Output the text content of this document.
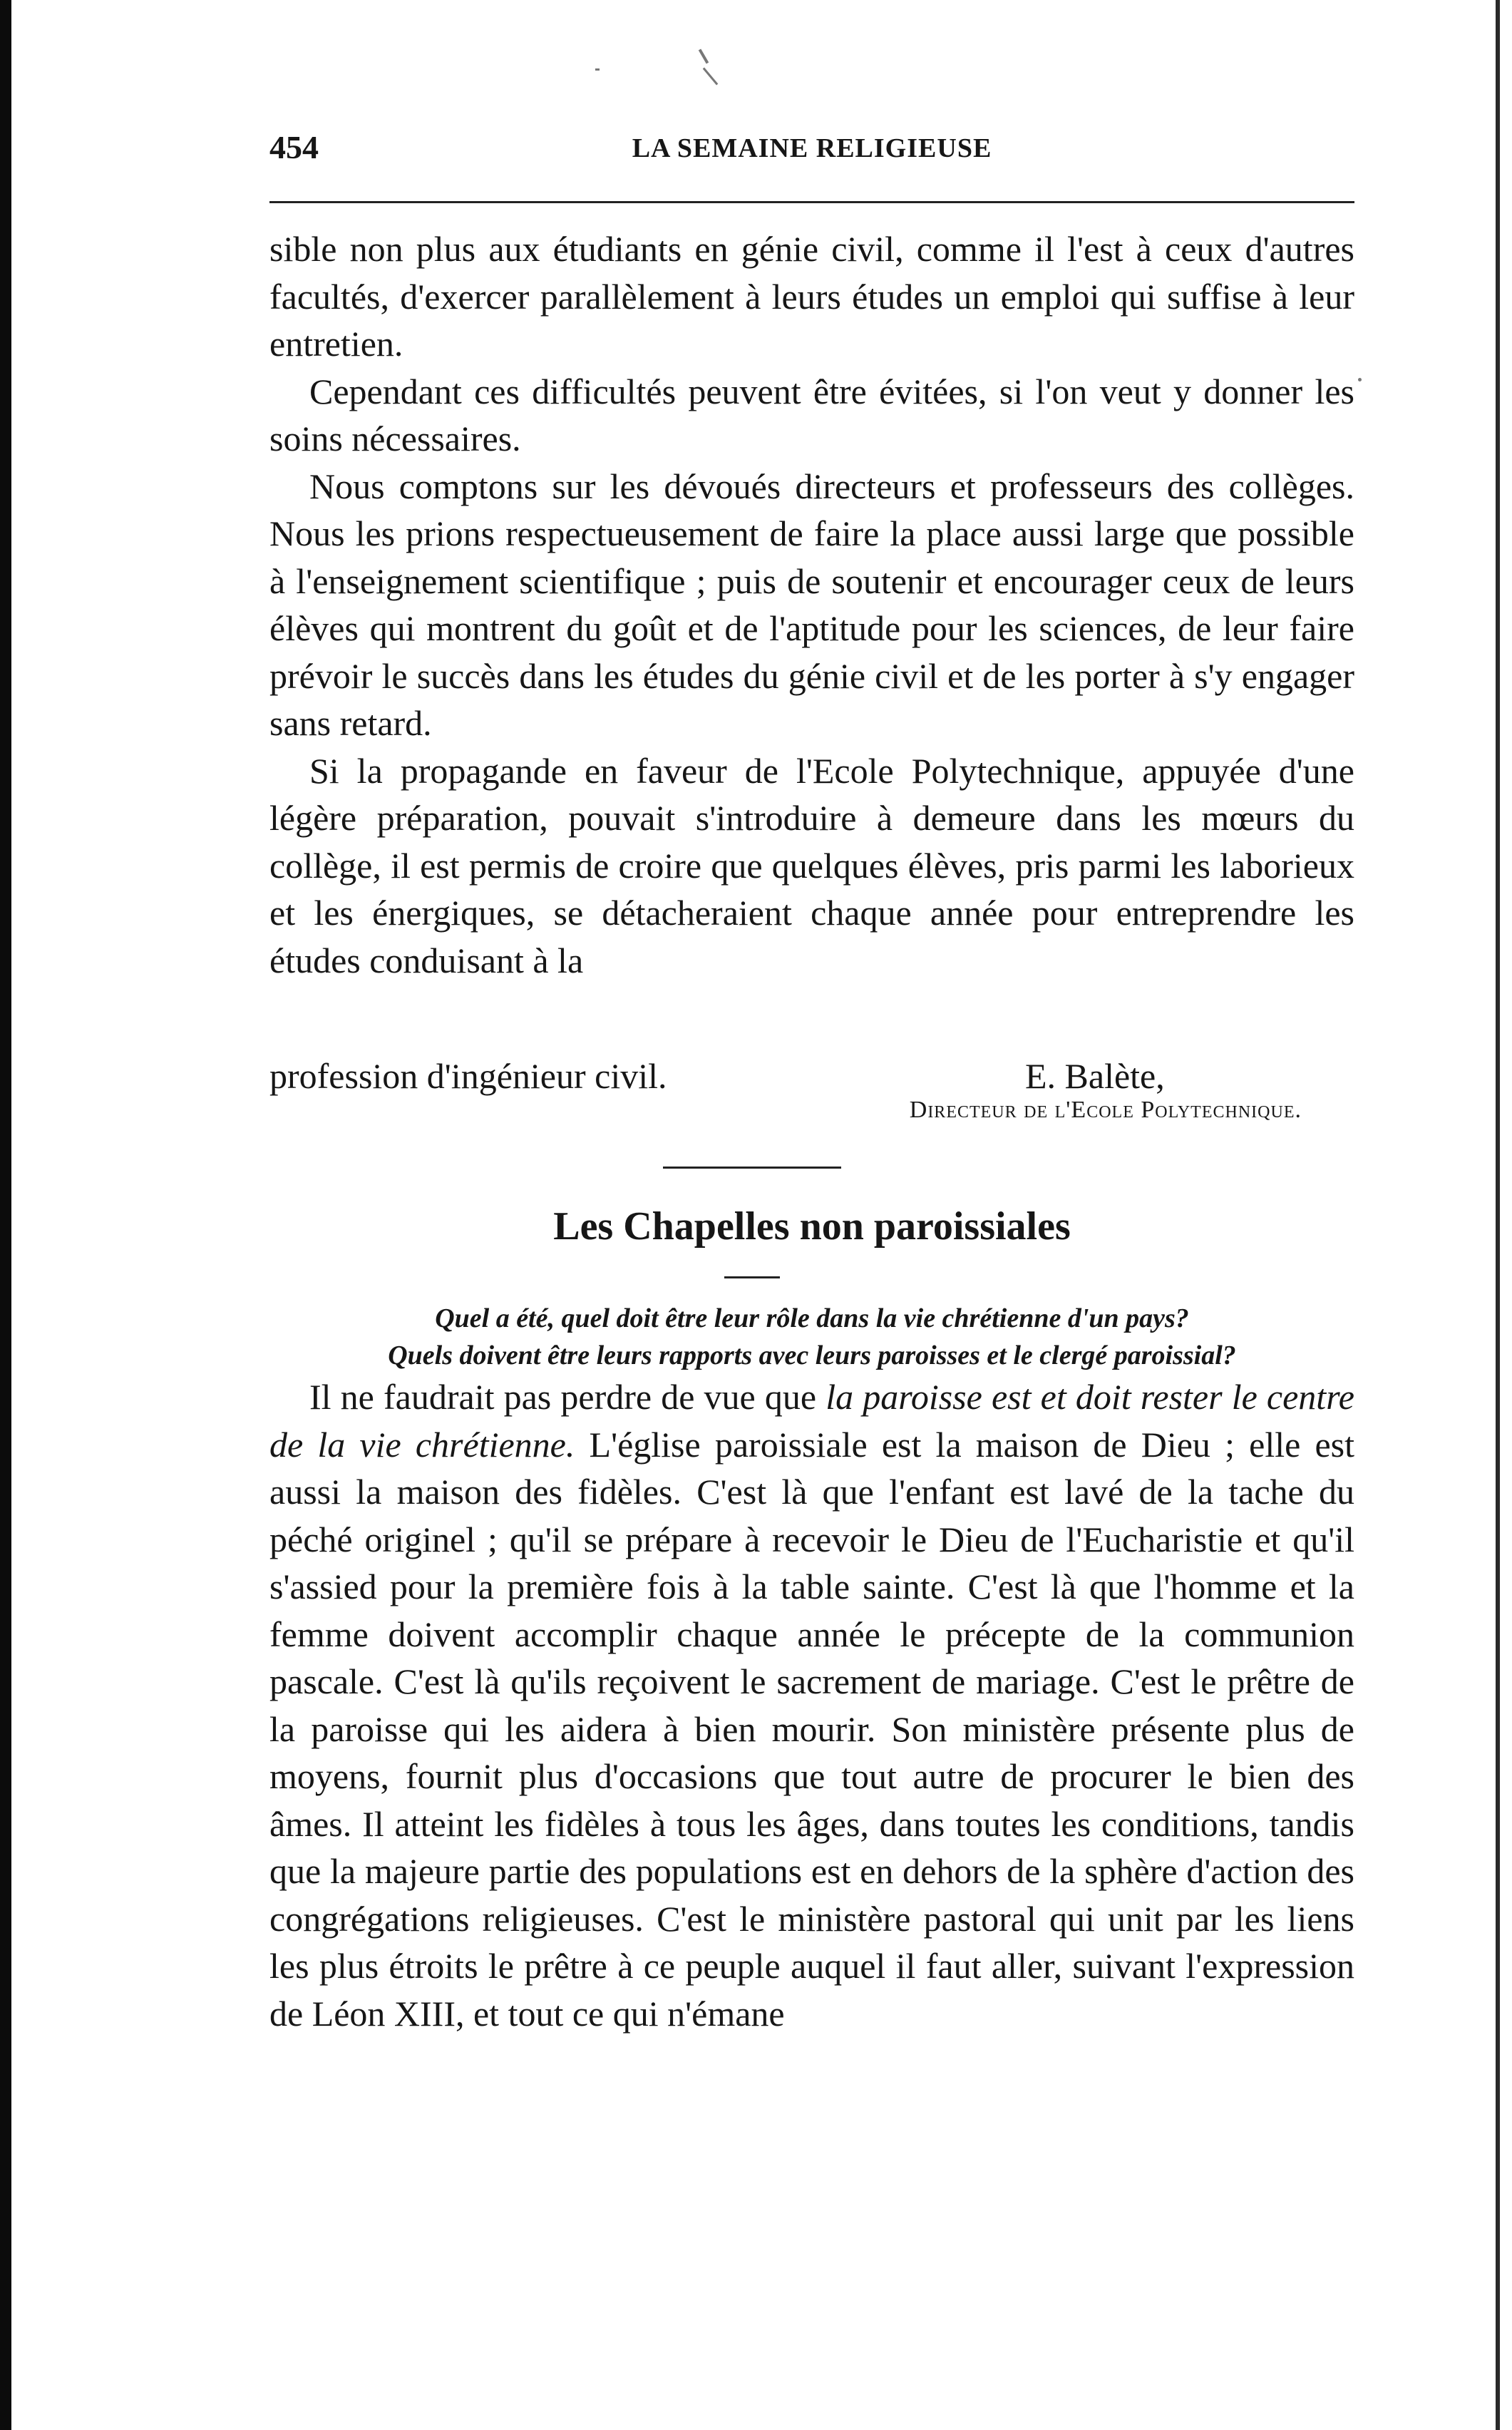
454	LA SEMAINE RELIGIEUSE

sible non plus aux étudiants en génie civil, comme il l'est à ceux d'autres facultés, d'exercer parallèlement à leurs études un emploi qui suffise à leur entretien.

Cependant ces difficultés peuvent être évitées, si l'on veut y donner les soins nécessaires.

Nous comptons sur les dévoués directeurs et professeurs des collèges. Nous les prions respectueusement de faire la place aussi large que possible à l'enseignement scientifique ; puis de soutenir et encourager ceux de leurs élèves qui montrent du goût et de l'aptitude pour les sciences, de leur faire prévoir le succès dans les études du génie civil et de les porter à s'y engager sans retard.

Si la propagande en faveur de l'Ecole Polytechnique, appuyée d'une légère préparation, pouvait s'introduire à demeure dans les mœurs du collège, il est permis de croire que quelques élèves, pris parmi les laborieux et les énergiques, se détacheraient chaque année pour entreprendre les études conduisant à la

profession d'ingénieur civil.	E. Balète,
Directeur de l'Ecole Polytechnique.
Les Chapelles non paroissiales
Quel a été, quel doit être leur rôle dans la vie chrétienne d'un pays?
Quels doivent être leurs rapports avec leurs paroisses et le clergé paroissial?

Il ne faudrait pas perdre de vue que la paroisse est et doit rester le centre de la vie chrétienne. L'église paroissiale est la maison de Dieu ; elle est aussi la maison des fidèles. C'est là que l'enfant est lavé de la tache du péché originel ; qu'il se prépare à recevoir le Dieu de l'Eucharistie et qu'il s'assied pour la première fois à la table sainte. C'est là que l'homme et la femme doivent accomplir chaque année le précepte de la communion pascale. C'est là qu'ils reçoivent le sacrement de mariage. C'est le prêtre de la paroisse qui les aidera à bien mourir. Son ministère présente plus de moyens, fournit plus d'occasions que tout autre de procurer le bien des âmes. Il atteint les fidèles à tous les âges, dans toutes les conditions, tandis que la majeure partie des populations est en dehors de la sphère d'action des congrégations religieuses. C'est le ministère pastoral qui unit par les liens les plus étroits le prêtre à ce peuple auquel il faut aller, suivant l'expression de Léon XIII, et tout ce qui n'émane
